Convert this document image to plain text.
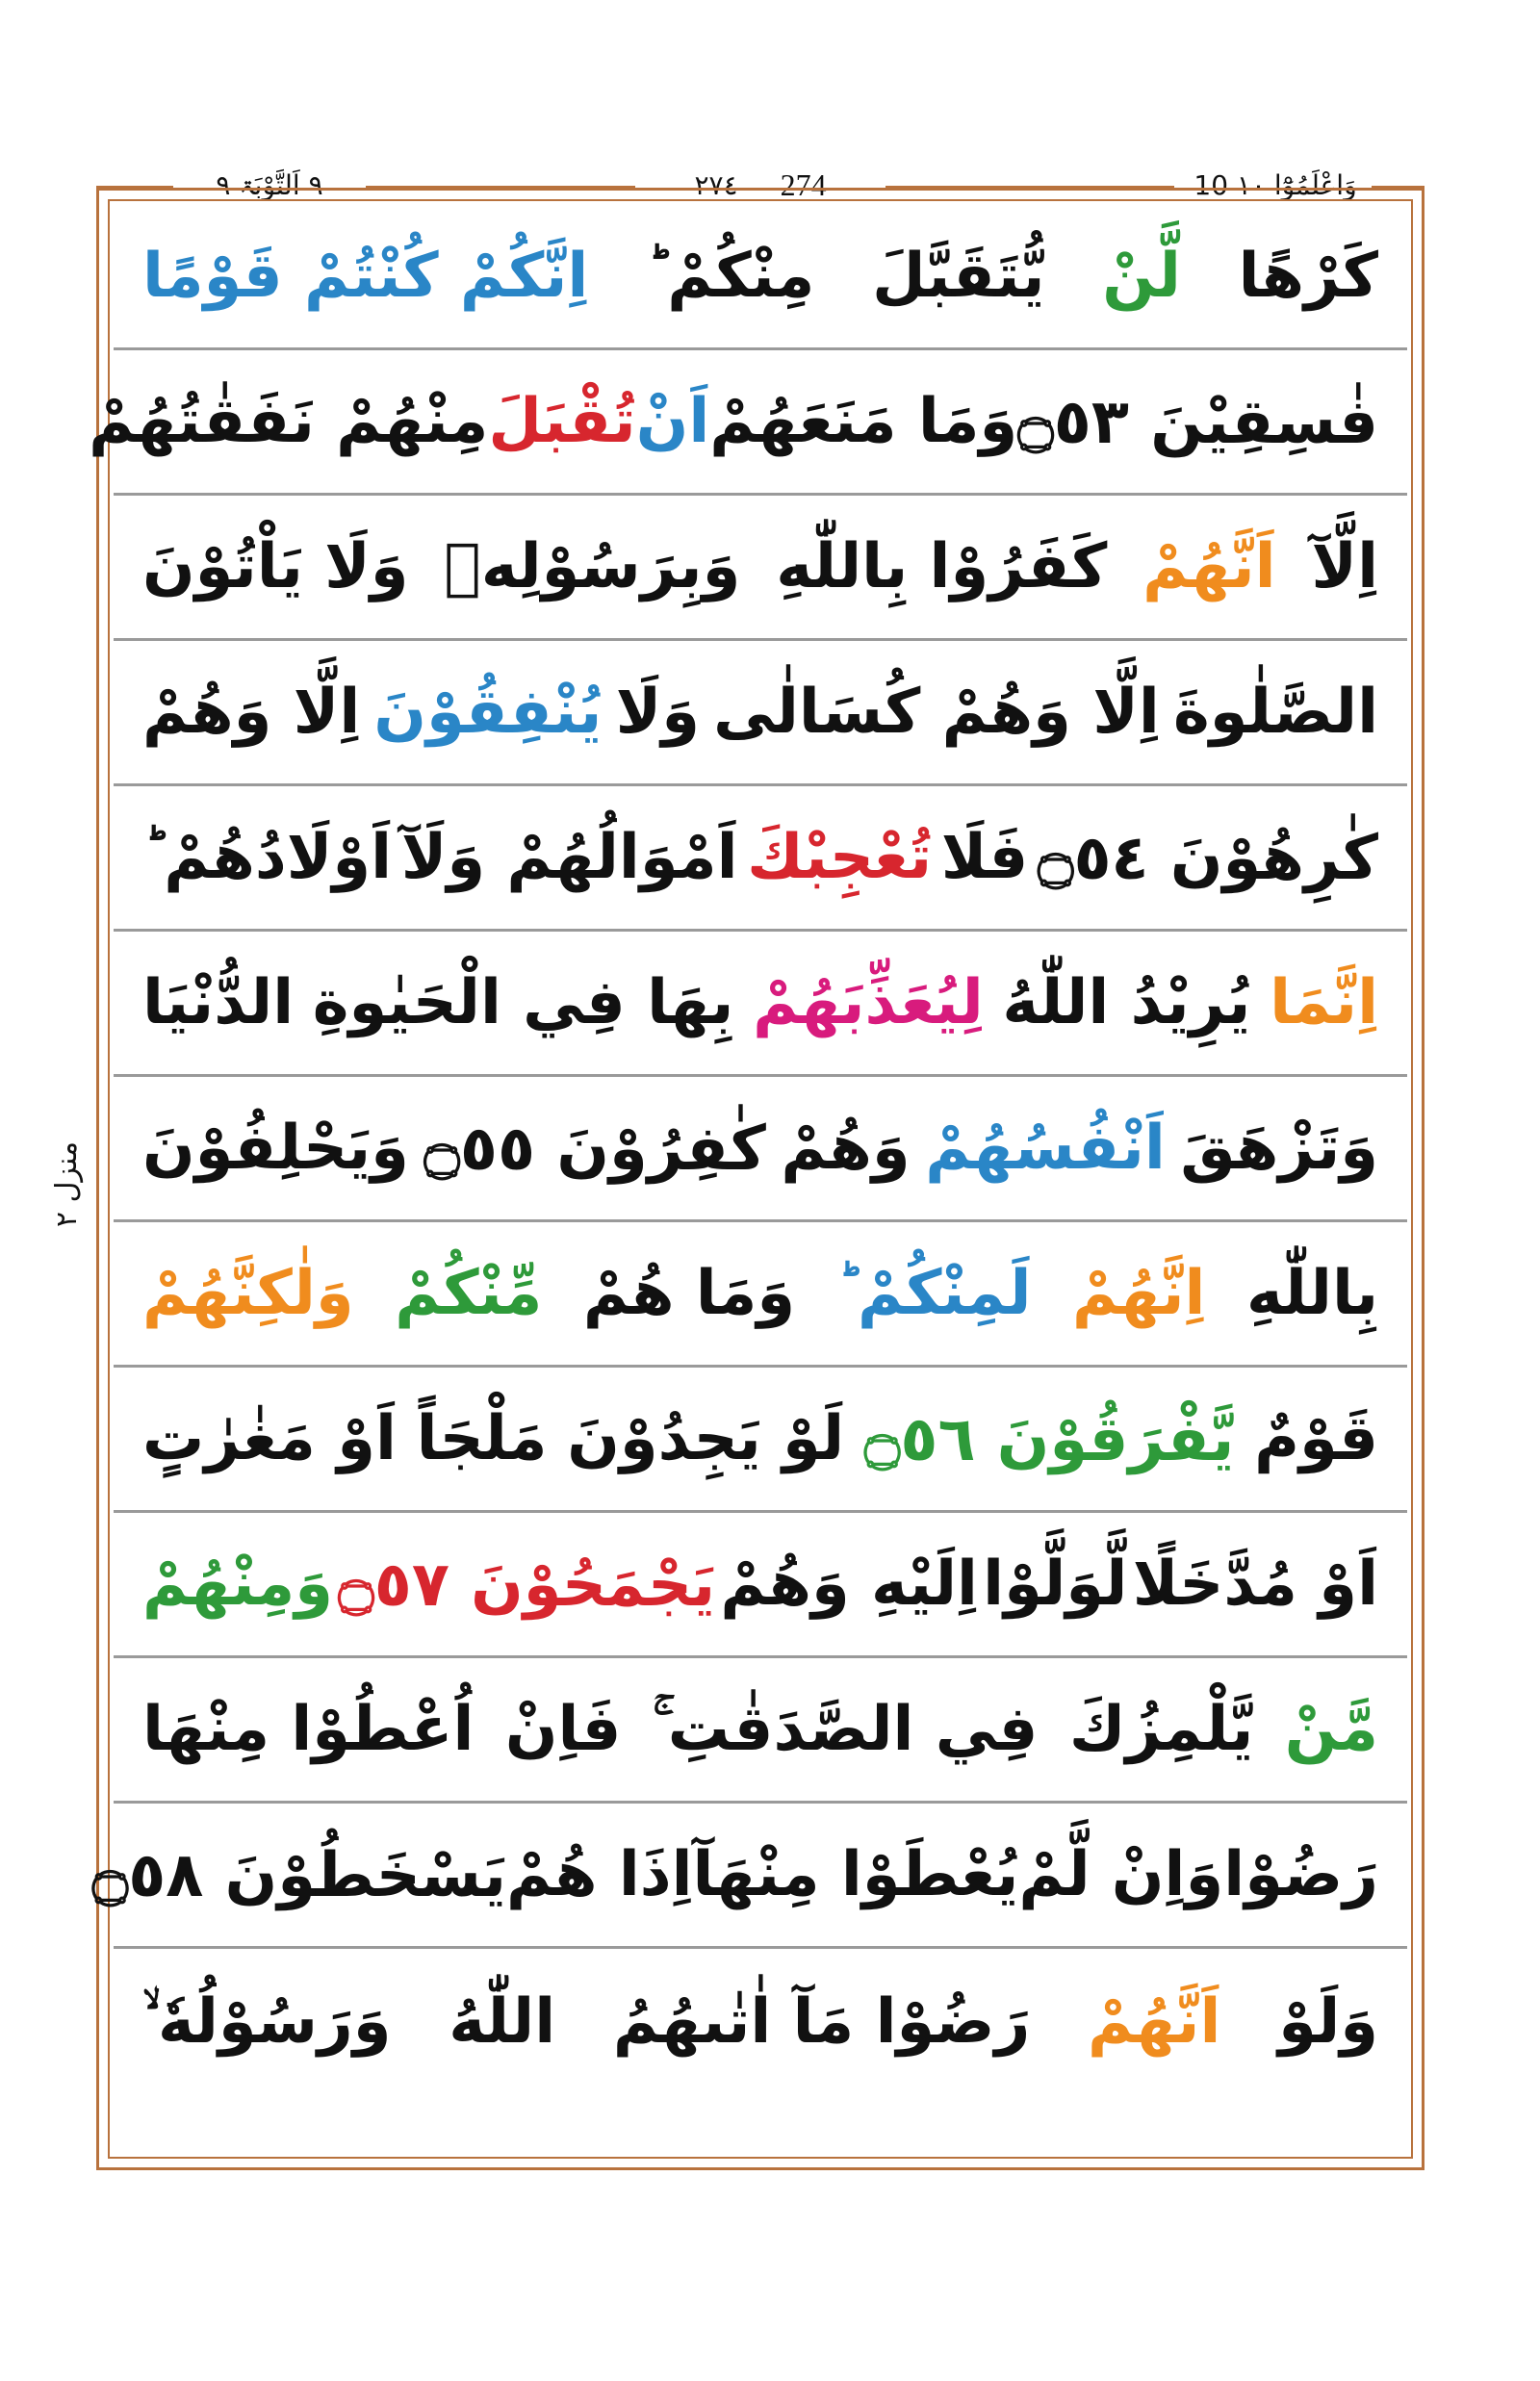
10 وَاعْلَمُوْٓا ١٠
٢٧٤ 274
٩ اَلتَّوْبَۃ ٩
منزل ٢
كَرْهًا
لَّنْ
يُّتَقَبَّلَ
مِنْكُمْ ؕ
اِنَّكُمْ كُنْتُمْ قَوْمًا
فٰسِقِيْنَ ۝٥٣
وَمَا مَنَعَهُمْ
اَنْ
تُقْبَلَ
مِنْهُمْ نَفَقٰتُهُمْ
اِلَّآ
اَنَّهُمْ
كَفَرُوْا بِاللّٰهِ
وَبِرَسُوْلِهٖ
وَلَا يَاْتُوْنَ
الصَّلٰوةَ
اِلَّا وَهُمْ كُسَالٰى
وَلَا
يُنْفِقُوْنَ
اِلَّا وَهُمْ
كٰرِهُوْنَ ۝٥٤
فَلَا
تُعْجِبْكَ
اَمْوَالُهُمْ وَلَآ
اَوْلَادُهُمْ ؕ
اِنَّمَا
يُرِيْدُ اللّٰهُ
لِيُعَذِّبَهُمْ
بِهَا فِي الْحَيٰوةِ
الدُّنْيَا
وَتَزْهَقَ
اَنْفُسُهُمْ
وَهُمْ
كٰفِرُوْنَ ۝٥٥
وَيَحْلِفُوْنَ
بِاللّٰهِ
اِنَّهُمْ
لَمِنْكُمْ ؕ
وَمَا هُمْ
مِّنْكُمْ
وَلٰكِنَّهُمْ
قَوْمٌ
يَّفْرَقُوْنَ ۝٥٦
لَوْ يَجِدُوْنَ
مَلْجَاً
اَوْ مَغٰرٰتٍ
اَوْ مُدَّخَلًا
لَّوَلَّوْا
اِلَيْهِ وَهُمْ
يَجْمَحُوْنَ ۝٥٧
وَمِنْهُمْ
مَّنْ
يَّلْمِزُكَ
فِي الصَّدَقٰتِ ۚ
فَاِنْ
اُعْطُوْا مِنْهَا
رَضُوْا
وَاِنْ لَّمْ
يُعْطَوْا مِنْهَآ
اِذَا هُمْ
يَسْخَطُوْنَ ۝٥٨
وَلَوْ
اَنَّهُمْ
رَضُوْا مَآ اٰتٰىهُمُ
اللّٰهُ
وَرَسُوْلُهٗ ۙ
